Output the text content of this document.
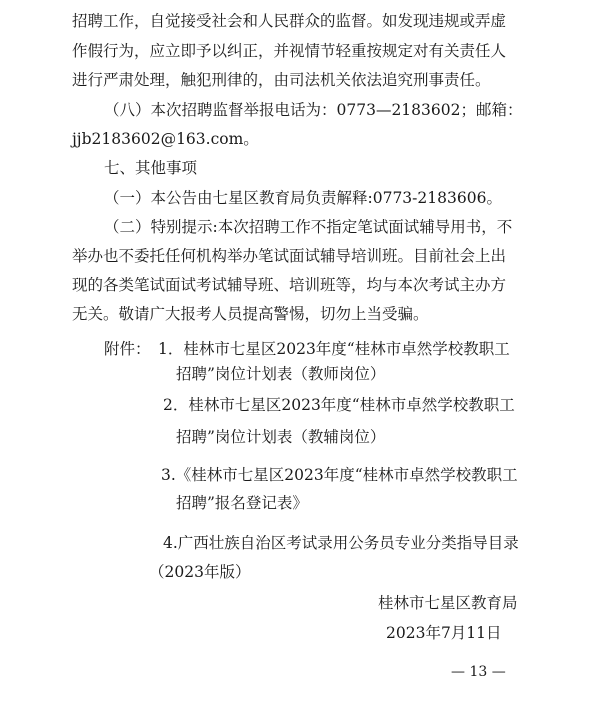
招聘工作，自觉接受社会和人民群众的监督。如发现违规或弄虚
作假行为，应立即予以纠正，并视情节轻重按规定对有关责任人
进行严肃处理，触犯刑律的，由司法机关依法追究刑事责任。
（八）本次招聘监督举报电话为：0773—2183602；邮箱：
jjb2183602@163.com。
七、其他事项
（一）本公告由七星区教育局负责解释:0773-2183606。
（二）特别提示:本次招聘工作不指定笔试面试辅导用书，不
举办也不委托任何机构举办笔试面试辅导培训班。目前社会上出
现的各类笔试面试考试辅导班、培训班等，均与本次考试主办方
无关。敬请广大报考人员提高警惕，切勿上当受骗。
附件： 1．桂林市七星区2023年度“桂林市卓然学校教职工
招聘”岗位计划表（教师岗位）
2．桂林市七星区2023年度“桂林市卓然学校教职工
招聘”岗位计划表（教辅岗位）
3.《桂林市七星区2023年度“桂林市卓然学校教职工
招聘”报名登记表》
4.广西壮族自治区考试录用公务员专业分类指导目录
（2023年版）
桂林市七星区教育局
2023年7月11日
— 13 —
